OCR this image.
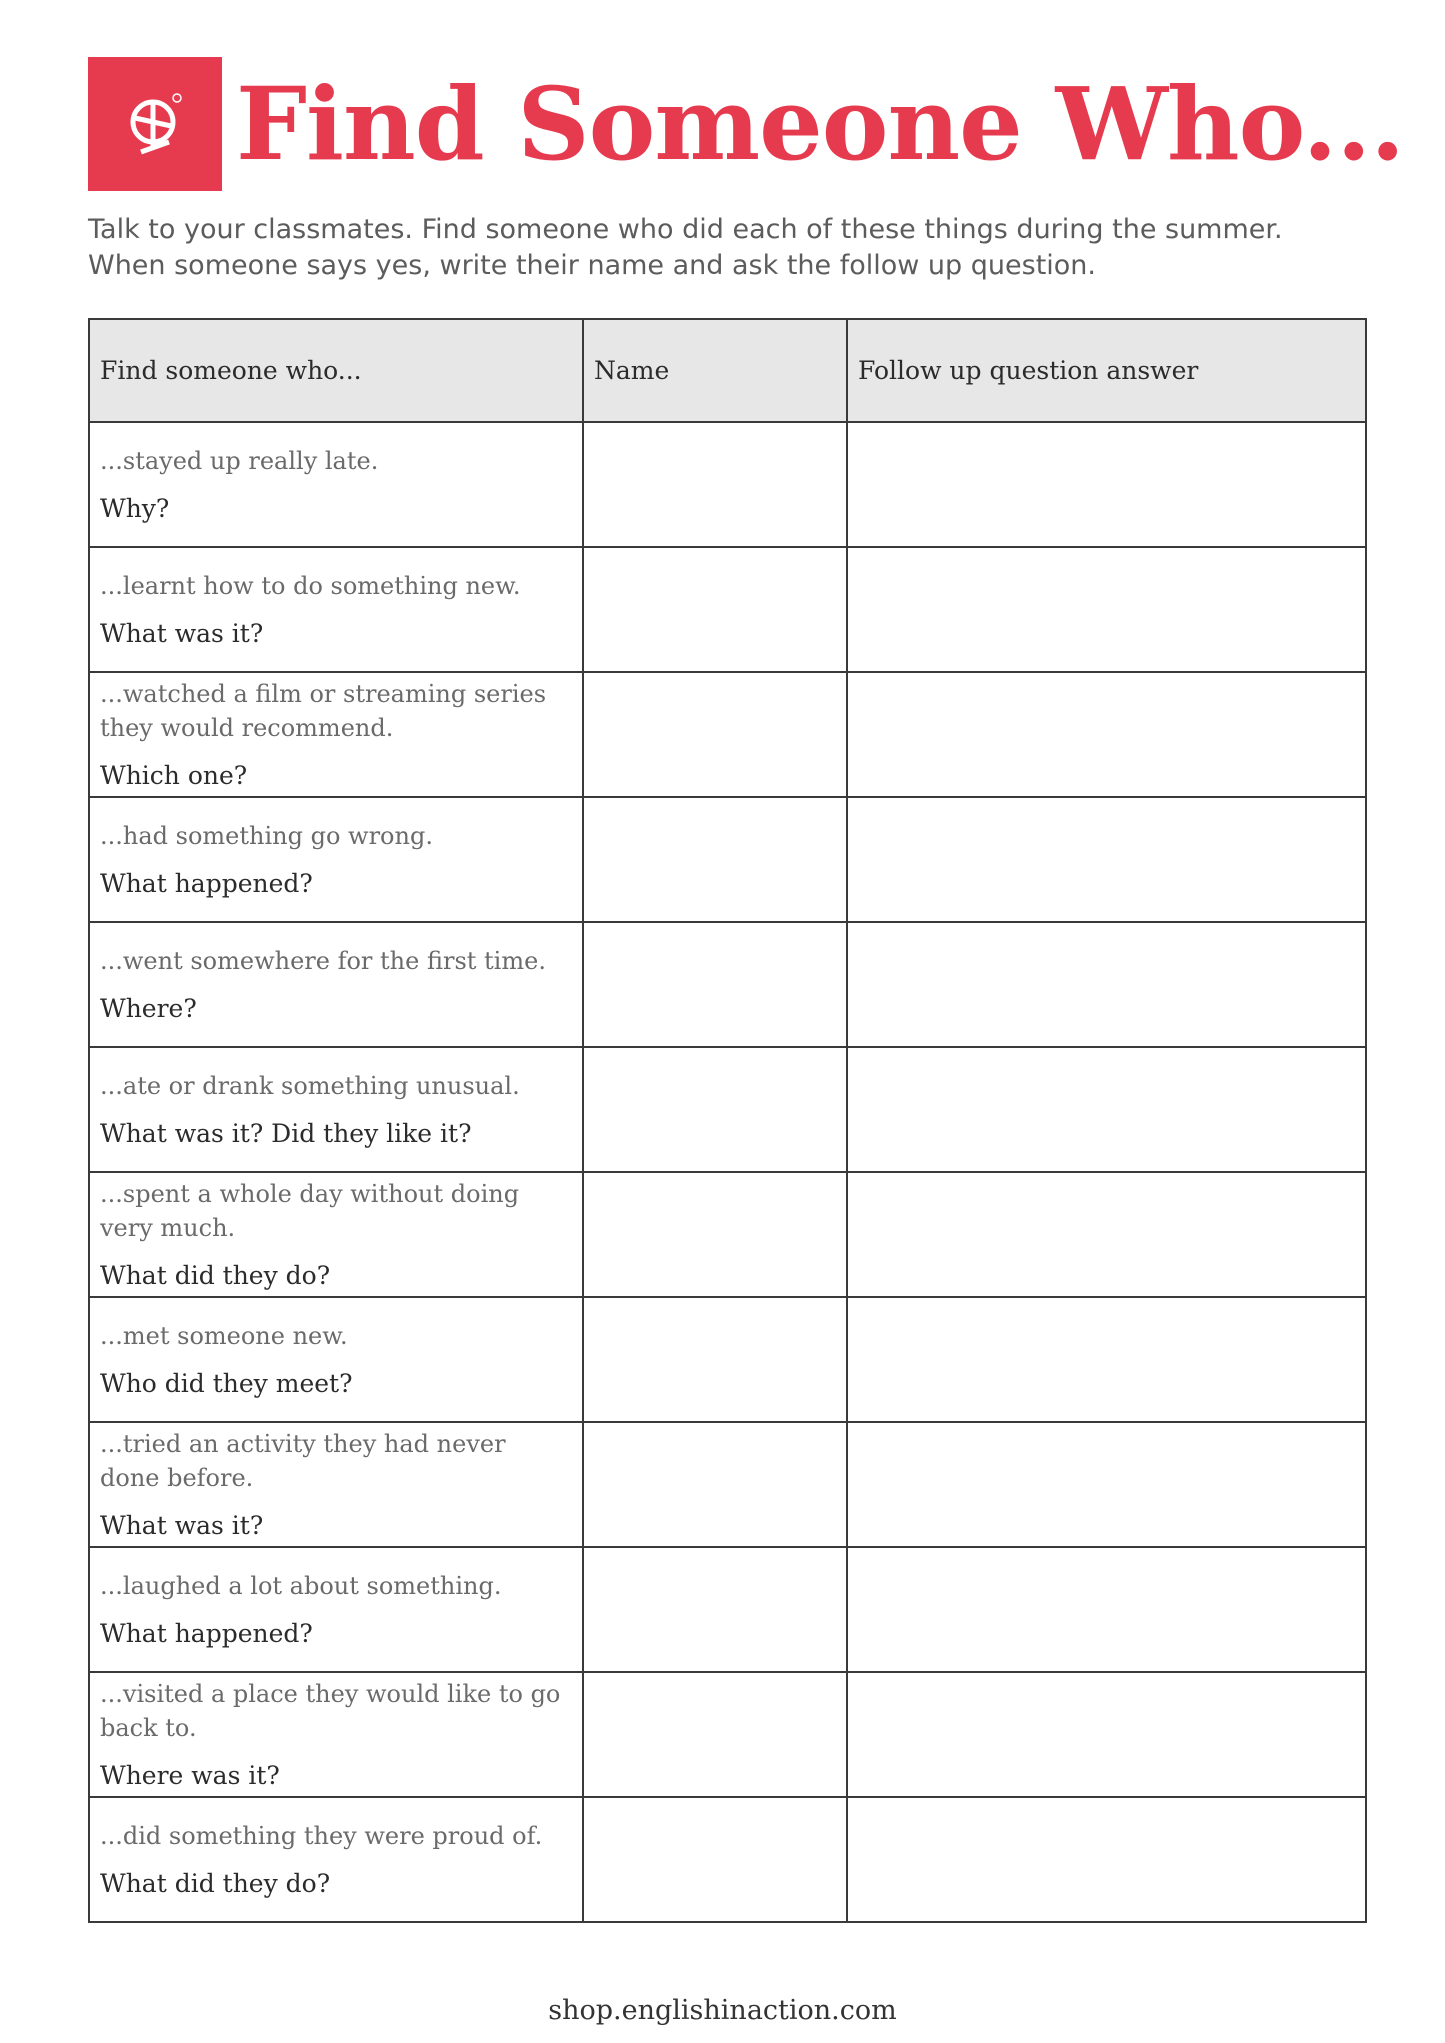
Find Someone Who...

Talk to your classmates. Find someone who did each of these things during the summer.

When someone says yes, write their name and ask the follow up question.

Find someone who...	Name	Follow up question answer

...stayed up really late.
Why?		

...learnt how to do something new.
What was it?		

...watched a film or streaming series they would recommend.
Which one?		

...had something go wrong.
What happened?		

...went somewhere for the first time.
Where?		

...ate or drank something unusual.
What was it? Did they like it?		

...spent a whole day without doing very much.
What did they do?		

...met someone new.
Who did they meet?		

...tried an activity they had never done before.
What was it?		

...laughed a lot about something.
What happened?		

...visited a place they would like to go back to.
Where was it?		

...did something they were proud of.
What did they do?		

shop.englishinaction.com
